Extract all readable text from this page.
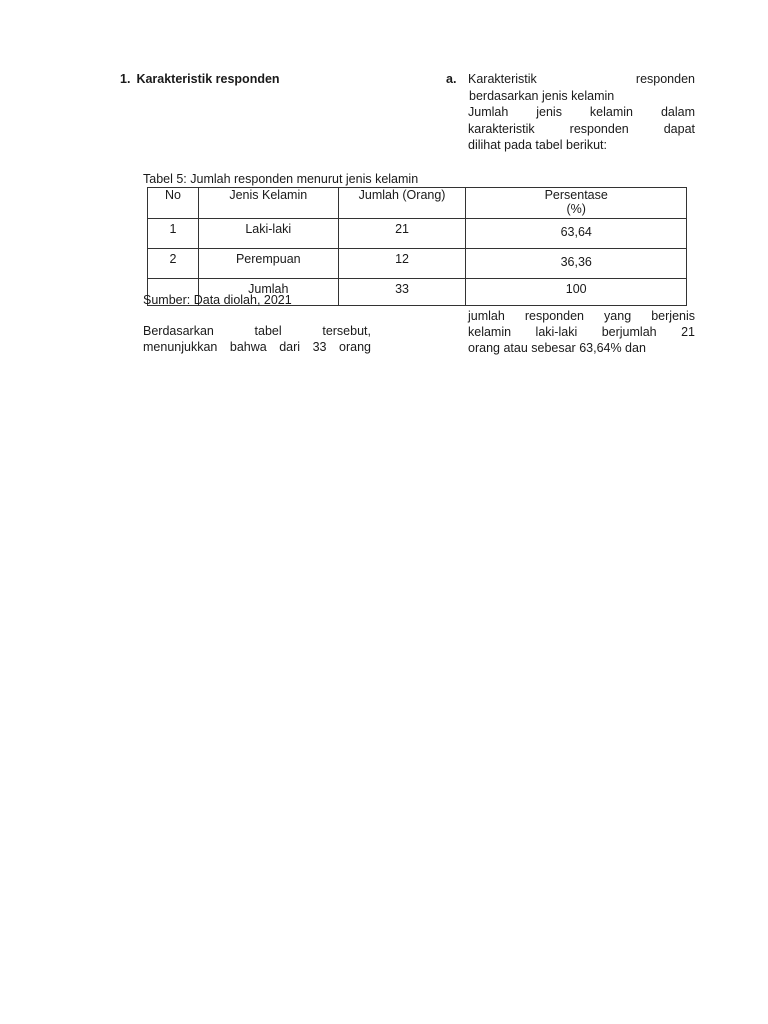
1. Karakteristik responden	a. Karakteristik responden
berdasarkan jenis kelamin
Jumlah jenis kelamin dalam
karakteristik responden dapat
dilihat pada tabel berikut:
Tabel 5: Jumlah responden menurut jenis kelamin
No	Jenis Kelamin	Jumlah (Orang)	Persentase
(%)

1	Laki-laki	21	63,64
2	Perempuan	12	36,36
	Jumlah	33	100
Sumber: Data diolah, 2021
Berdasarkan tabel tersebut,
menunjukkan bahwa dari 33 orang
jumlah responden yang berjenis
kelamin laki-laki berjumlah 21
orang atau sebesar 63,64% dan
